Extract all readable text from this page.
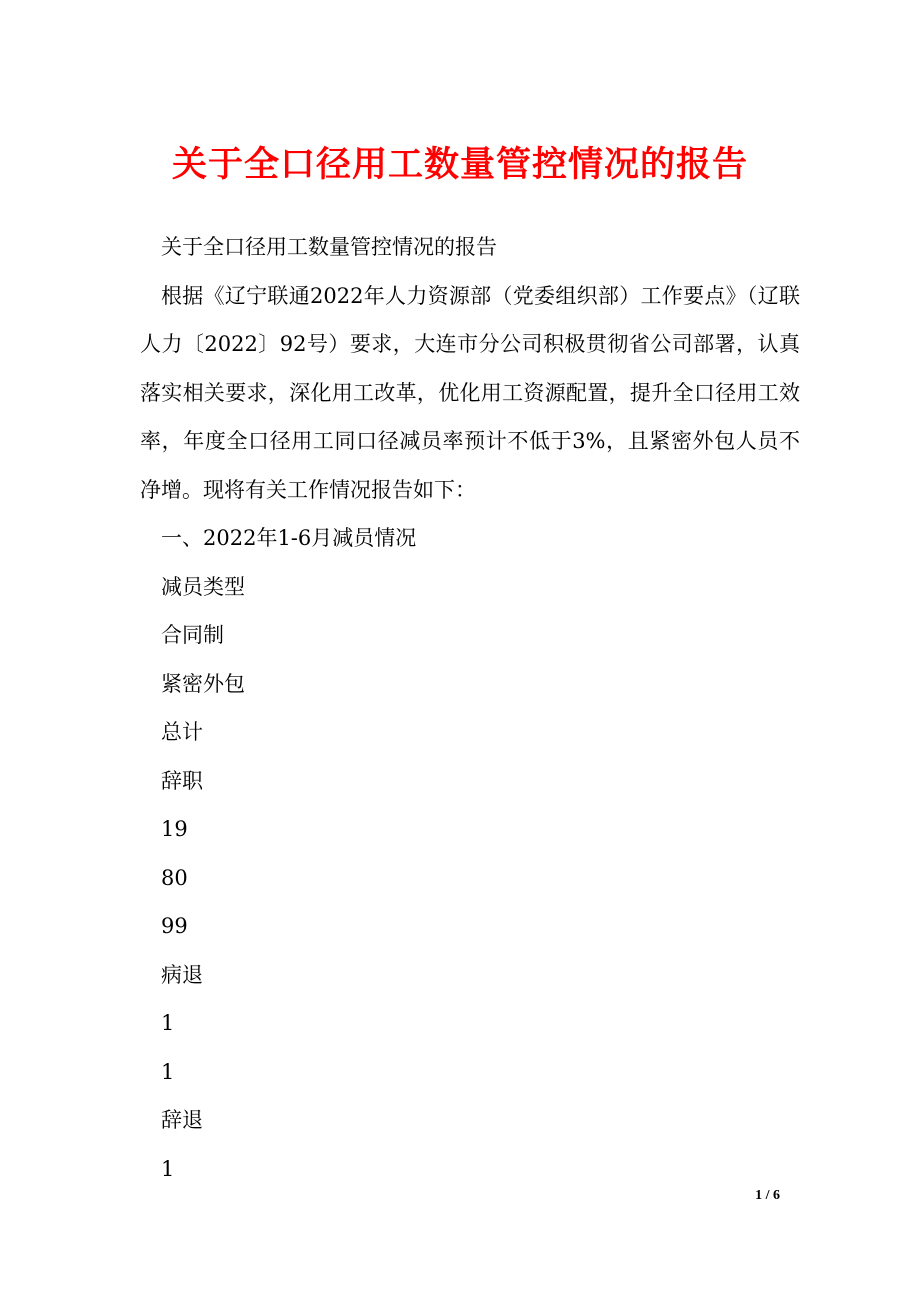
关于全口径用工数量管控情况的报告

关于全口径用工数量管控情况的报告

根据《辽宁联通2022年人力资源部（党委组织部）工作要点》（辽联人力〔2022〕92号）要求，大连市分公司积极贯彻省公司部署，认真落实相关要求，深化用工改革，优化用工资源配置，提升全口径用工效率，年度全口径用工同口径减员率预计不低于3%，且紧密外包人员不净增。现将有关工作情况报告如下：

一、2022年1-6月减员情况

减员类型

合同制

紧密外包

总计

辞职

19

80

99

病退

1

1

辞退

1

1 / 6
